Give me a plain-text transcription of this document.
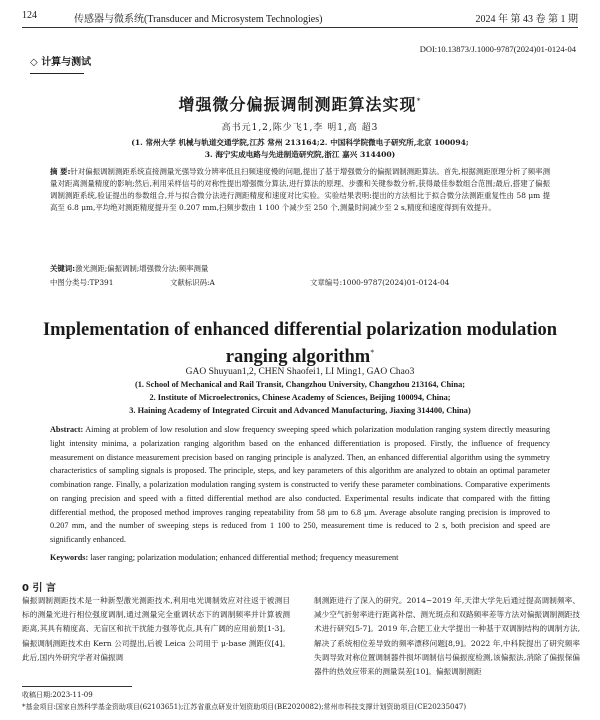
124	传感器与微系统(Transducer and Microsystem Technologies)	2024 年 第 43 卷 第 1 期
DOI:10.13873/J.1000-9787(2024)01-0124-04
◇ 计算与测试
增强微分偏振调制测距算法实现*
高书元1,2,陈少飞1,李 明1,高 超3
(1. 常州大学 机械与轨道交通学院,江苏 常州 213164;2. 中国科学院微电子研究所,北京 100094;
3. 海宁实成电路与先进制造研究院,浙江 嘉兴 314400)
摘 要:针对偏振调制测距系统直接测量光强导致分辨率低且扫频速度慢的问题,提出了基于增强微分的偏振调制测距算法。首先,根据测距原理分析了频率测量对距离测量精度的影响;然后,利用采样信号的对称性提出增强微分算法,进行算法的原理、步骤和关键参数分析,获得最佳参数组合范围;最后,搭建了偏振调制测距系统,验证提出的参数组合,并与拟合微分法进行测距精度和速度对比实验。实验结果表明:提出的方法相比于拟合微分法测距重复性由 58 μm 提高至 6.8 μm,平均绝对测距精度提升至 0.207 mm,扫频步数由 1 100 个减少至 250 个,测量时间减少至 2 s,精度和速度得到有效提升。
关键词:激光测距;偏振调制;增强微分法;频率测量
中图分类号:TP391	文献标识码:A	文章编号:1000-9787(2024)01-0124-04
Implementation of enhanced differential polarization modulation
ranging algorithm*
GAO Shuyuan1,2, CHEN Shaofei1, LI Ming1, GAO Chao3
(1. School of Mechanical and Rail Transit, Changzhou University, Changzhou 213164, China;
2. Institute of Microelectronics, Chinese Academy of Sciences, Beijing 100094, China;
3. Haining Academy of Integrated Circuit and Advanced Manufacturing, Jiaxing 314400, China)
Abstract: Aiming at problem of low resolution and slow frequency sweeping speed which polarization modulation ranging system directly measuring light intensity minima, a polarization ranging algorithm based on the enhanced differentiation is proposed. Firstly, the influence of frequency measurement on distance measurement precision based on ranging principle is analyzed. Then, an enhanced differential algorithm using the symmetry characteristics of sampling signals is proposed. The principle, steps, and key parameters of this algorithm are analyzed to obtain an optimal parameter combination range. Finally, a polarization modulation ranging system is constructed to verify these parameter combinations. Comparative experiments on ranging precision and speed with a fitted differential method are also conducted. Experimental results indicate that compared with the fitting differential method, the proposed method improves ranging repeatability from 58 μm to 6.8 μm. Average absolute ranging precision is improved to 0.207 mm, and the number of sweeping steps is reduced from 1 100 to 250, measurement time is reduced to 2 s, both precision and speed are significantly enhanced.
Keywords: laser ranging; polarization modulation; enhanced differential method; frequency measurement
0 引 言
偏振调制测距技术是一种新型激光测距技术,利用电光调制效应对往返于被测目标的测量光进行相位强度调制,通过测量完全重调状态下的调制频率并计算被测距离,其具有精度高、无盲区和抗干扰能力强等优点,具有广阔的应用前景[1-3]。偏振调制测距技术由 Kern 公司提出,后被 Leica 公司用于 μ-base 测距仪[4]。此后,国内外研究学者对偏振调
制测距进行了深入的研究。2014~2019 年,天津大学先后通过提高调制频率、减少空气折射率进行距离补偿、测光斑点和双路频率差等方法对偏振调制测距技术进行研究[5-7]。2019 年,合肥工业大学提出一种基于双调制结构的调制方法,解决了系统相位差导致的频率漂移问题[8,9]。2022 年,中科院提出了研究频率失调导致对称位置调制器件损坏调制信号偏振度检测,该偏振法,消除了偏振保偏器件的热效应带来的测量误差[10]。偏振调制测距
收稿日期:2023-11-09
*基金项目:国家自然科学基金资助项目(62103651);江苏省重点研发计划资助项目(BE2020082);常州市科技支撑计划资助项目(CE20235047)
